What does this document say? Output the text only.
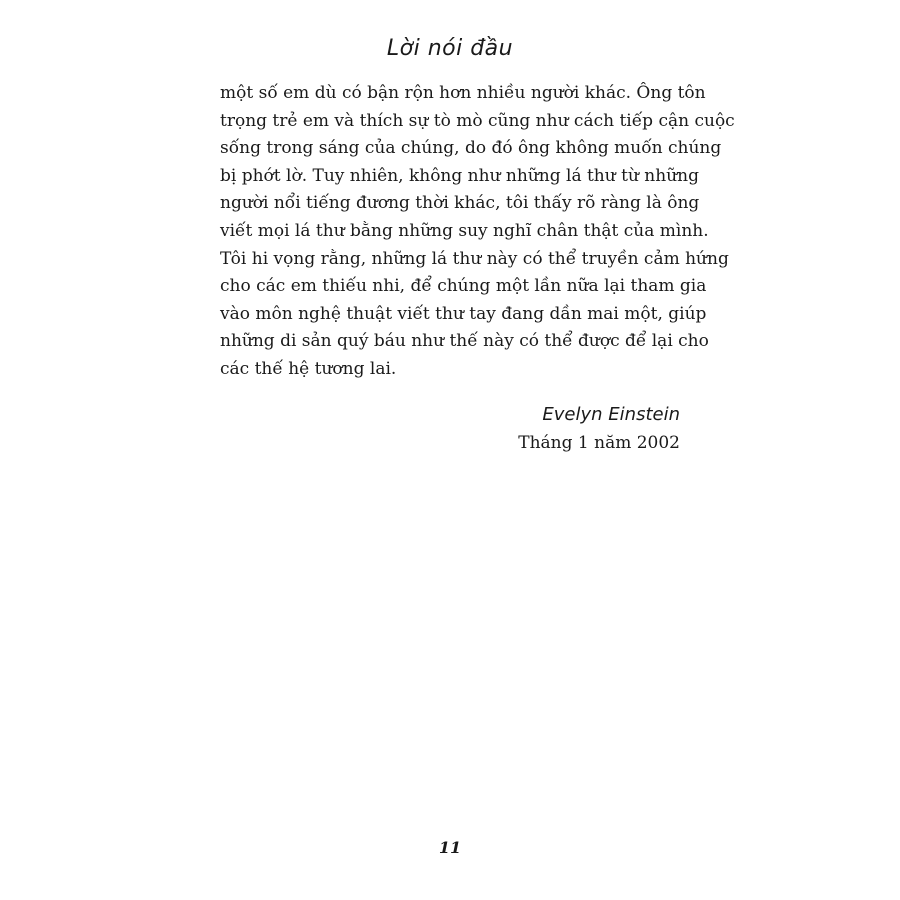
Lời nói đầu
một số em dù có bận rộn hơn nhiều người khác. Ông tôn
trọng trẻ em và thích sự tò mò cũng như cách tiếp cận cuộc
sống trong sáng của chúng, do đó ông không muốn chúng
bị phớt lờ. Tuy nhiên, không như những lá thư từ những
người nổi tiếng đương thời khác, tôi thấy rõ ràng là ông
viết mọi lá thư bằng những suy nghĩ chân thật của mình.
Tôi hi vọng rằng, những lá thư này có thể truyền cảm hứng
cho các em thiếu nhi, để chúng một lần nữa lại tham gia
vào môn nghệ thuật viết thư tay đang dần mai một, giúp
những di sản quý báu như thế này có thể được để lại cho
các thế hệ tương lai.
Evelyn Einstein
Tháng 1 năm 2002
11
